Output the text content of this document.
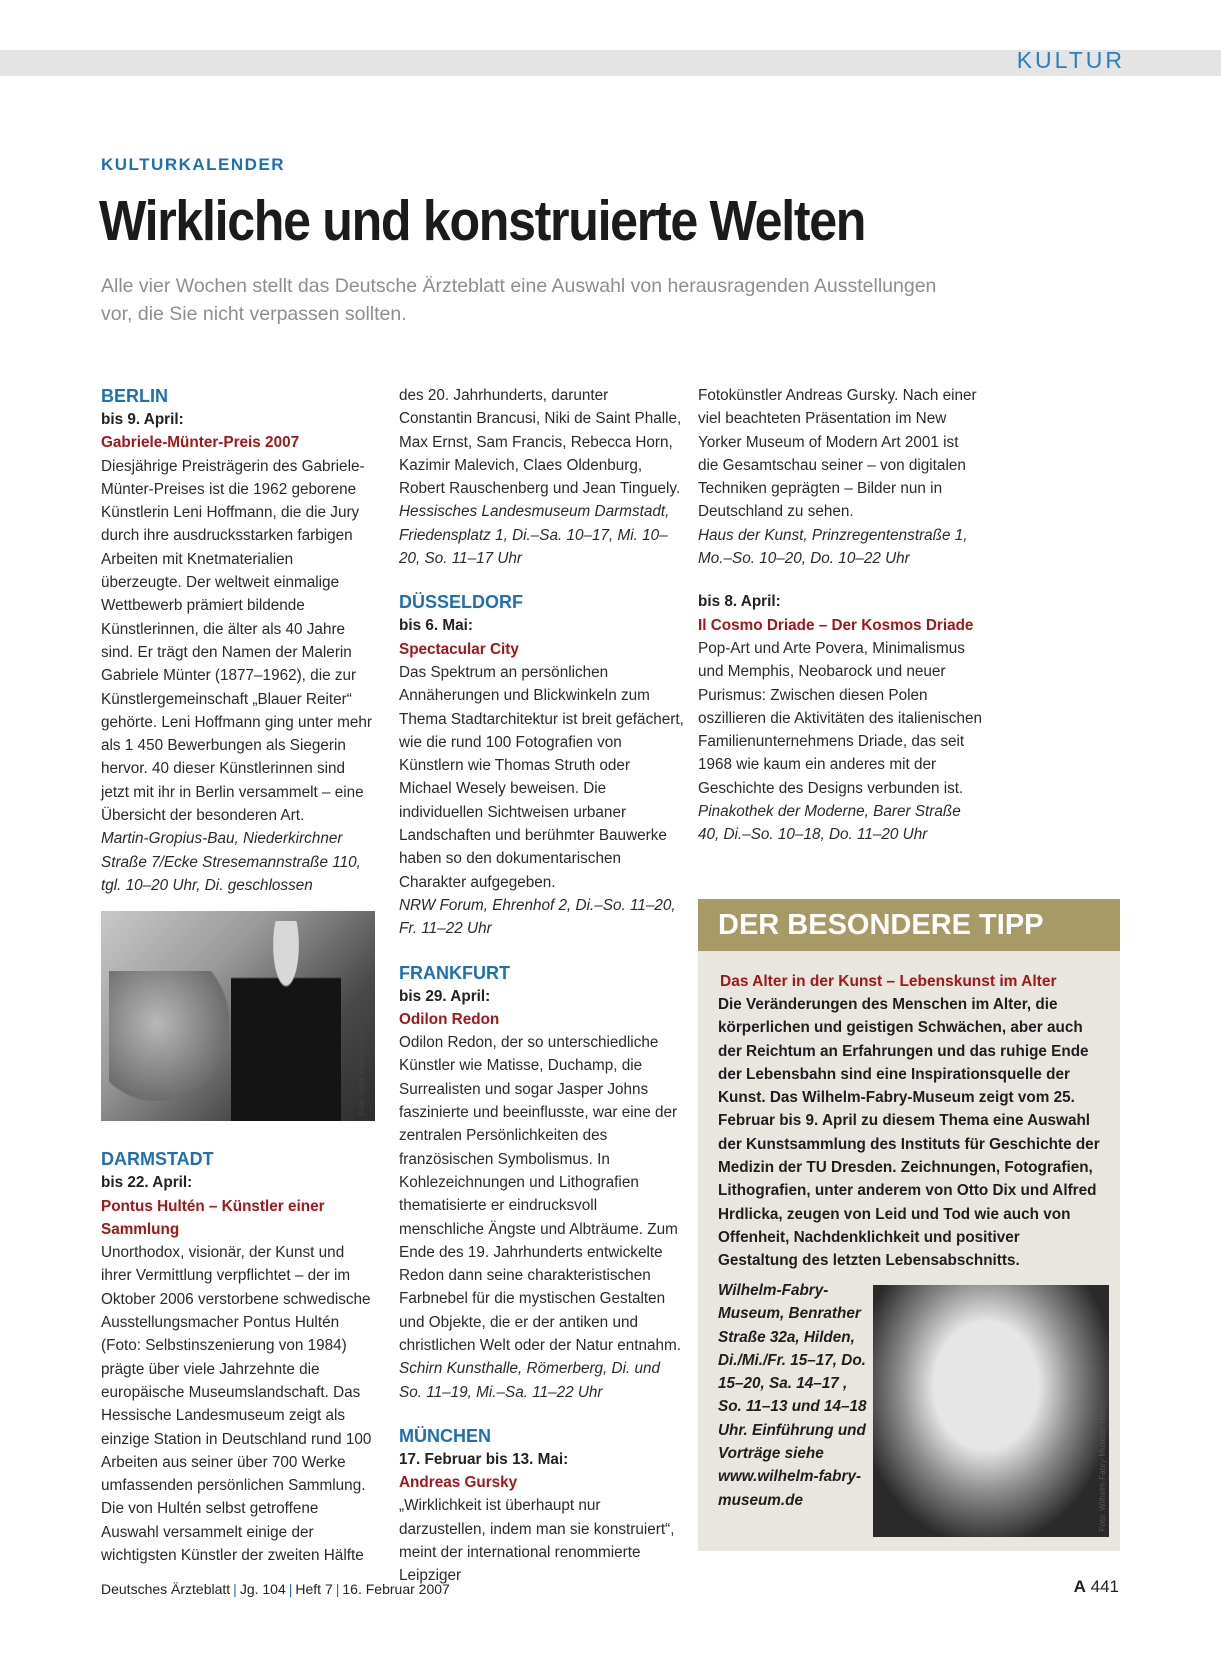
KULTUR
KULTURKALENDER
Wirkliche und konstruierte Welten

Alle vier Wochen stellt das Deutsche Ärzteblatt eine Auswahl von herausragenden Ausstellungen vor, die Sie nicht verpassen sollten.

BERLIN
bis 9. April:
Gabriele-Münter-Preis 2007
Diesjährige Preisträgerin des Gabriele-Münter-Preises ist die 1962 geborene Künstlerin Leni Hoffmann, die die Jury durch ihre ausdrucksstarken farbigen Arbeiten mit Knetmaterialien überzeugte. Der weltweit einmalige Wettbewerb prämiert bildende Künstlerinnen, die älter als 40 Jahre sind. Er trägt den Namen der Malerin Gabriele Münter (1877–1962), die zur Künstlergemeinschaft „Blauer Reiter“ gehörte. Leni Hoffmann ging unter mehr als 1 450 Bewerbungen als Siegerin hervor. 40 dieser Künstlerinnen sind jetzt mit ihr in Berlin versammelt – eine Übersicht der besonderen Art.
Martin-Gropius-Bau, Niederkirchner Straße 7/Ecke Stresemannstraße 110, tgl. 10–20 Uhr, Di. geschlossen
Foto: Hans Hammarskiöld
DARMSTADT
bis 22. April:
Pontus Hultén – Künstler einer Sammlung
Unorthodox, visionär, der Kunst und ihrer Vermittlung verpflichtet – der im Oktober 2006 verstorbene schwedische Ausstellungsmacher Pontus Hultén (Foto: Selbstinszenierung von 1984) prägte über viele Jahrzehnte die europäische Museumslandschaft. Das Hessische Landesmuseum zeigt als einzige Station in Deutschland rund 100 Arbeiten aus seiner über 700 Werke umfassenden persönlichen Sammlung. Die von Hultén selbst getroffene Auswahl versammelt einige der wichtigsten Künstler der zweiten Hälfte
des 20. Jahrhunderts, darunter Constantin Brancusi, Niki de Saint Phalle, Max Ernst, Sam Francis, Rebecca Horn, Kazimir Malevich, Claes Oldenburg, Robert Rauschenberg und Jean Tinguely.
Hessisches Landesmuseum Darmstadt, Friedensplatz 1, Di.–Sa. 10–17, Mi. 10–20, So. 11–17 Uhr
DÜSSELDORF
bis 6. Mai:
Spectacular City
Das Spektrum an persönlichen Annäherungen und Blickwinkeln zum Thema Stadtarchitektur ist breit gefächert, wie die rund 100 Fotografien von Künstlern wie Thomas Struth oder Michael Wesely beweisen. Die individuellen Sichtweisen urbaner Landschaften und berühmter Bauwerke haben so den dokumentarischen Charakter aufgegeben.
NRW Forum, Ehrenhof 2, Di.–So. 11–20, Fr. 11–22 Uhr
FRANKFURT
bis 29. April:
Odilon Redon
Odilon Redon, der so unterschiedliche Künstler wie Matisse, Duchamp, die Surrealisten und sogar Jasper Johns faszinierte und beeinflusste, war eine der zentralen Persönlichkeiten des französischen Symbolismus. In Kohlezeichnungen und Lithografien thematisierte er eindrucksvoll menschliche Ängste und Albträume. Zum Ende des 19. Jahrhunderts entwickelte Redon dann seine charakteristischen Farbnebel für die mystischen Gestalten und Objekte, die er der antiken und christlichen Welt oder der Natur entnahm.
Schirn Kunsthalle, Römerberg, Di. und So. 11–19, Mi.–Sa. 11–22 Uhr
MÜNCHEN
17. Februar bis 13. Mai:
Andreas Gursky
„Wirklichkeit ist überhaupt nur darzustellen, indem man sie konstruiert“, meint der international renommierte Leipziger
Fotokünstler Andreas Gursky. Nach einer viel beachteten Präsentation im New Yorker Museum of Modern Art 2001 ist die Gesamtschau seiner – von digitalen Techniken geprägten – Bilder nun in Deutschland zu sehen.
Haus der Kunst, Prinzregentenstraße 1, Mo.–So. 10–20, Do. 10–22 Uhr
bis 8. April:
Il Cosmo Driade – Der Kosmos Driade
Pop-Art und Arte Povera, Minimalismus und Memphis, Neobarock und neuer Purismus: Zwischen diesen Polen oszillieren die Aktivitäten des italienischen Familienunternehmens Driade, das seit 1968 wie kaum ein anderes mit der Geschichte des Designs verbunden ist.
Pinakothek der Moderne, Barer Straße 40, Di.–So. 10–18, Do. 11–20 Uhr
DER BESONDERE TIPP
Das Alter in der Kunst – Lebenskunst im Alter
Die Veränderungen des Menschen im Alter, die körperlichen und geistigen Schwächen, aber auch der Reichtum an Erfahrungen und das ruhige Ende der Lebensbahn sind eine Inspirationsquelle der Kunst. Das Wilhelm-Fabry-Museum zeigt vom 25. Februar bis 9. April zu diesem Thema eine Auswahl der Kunstsammlung des Instituts für Geschichte der Medizin der TU Dresden. Zeichnungen, Fotografien, Lithografien, unter anderem von Otto Dix und Alfred Hrdlicka, zeugen von Leid und Tod wie auch von Offenheit, Nachdenklichkeit und positiver Gestaltung des letzten Lebensabschnitts.
Wilhelm-Fabry-Museum, Benrather Straße 32a, Hilden, Di./Mi./Fr. 15–17, Do. 15–20, Sa. 14–17 , So. 11–13 und 14–18 Uhr. Einführung und Vorträge siehe www.wilhelm-fabry-museum.de	Foto: Wilhelm-Fabry-Museum Hilden
Deutsches Ärzteblatt | Jg. 104 | Heft 7 | 16. Februar 2007	A 441
